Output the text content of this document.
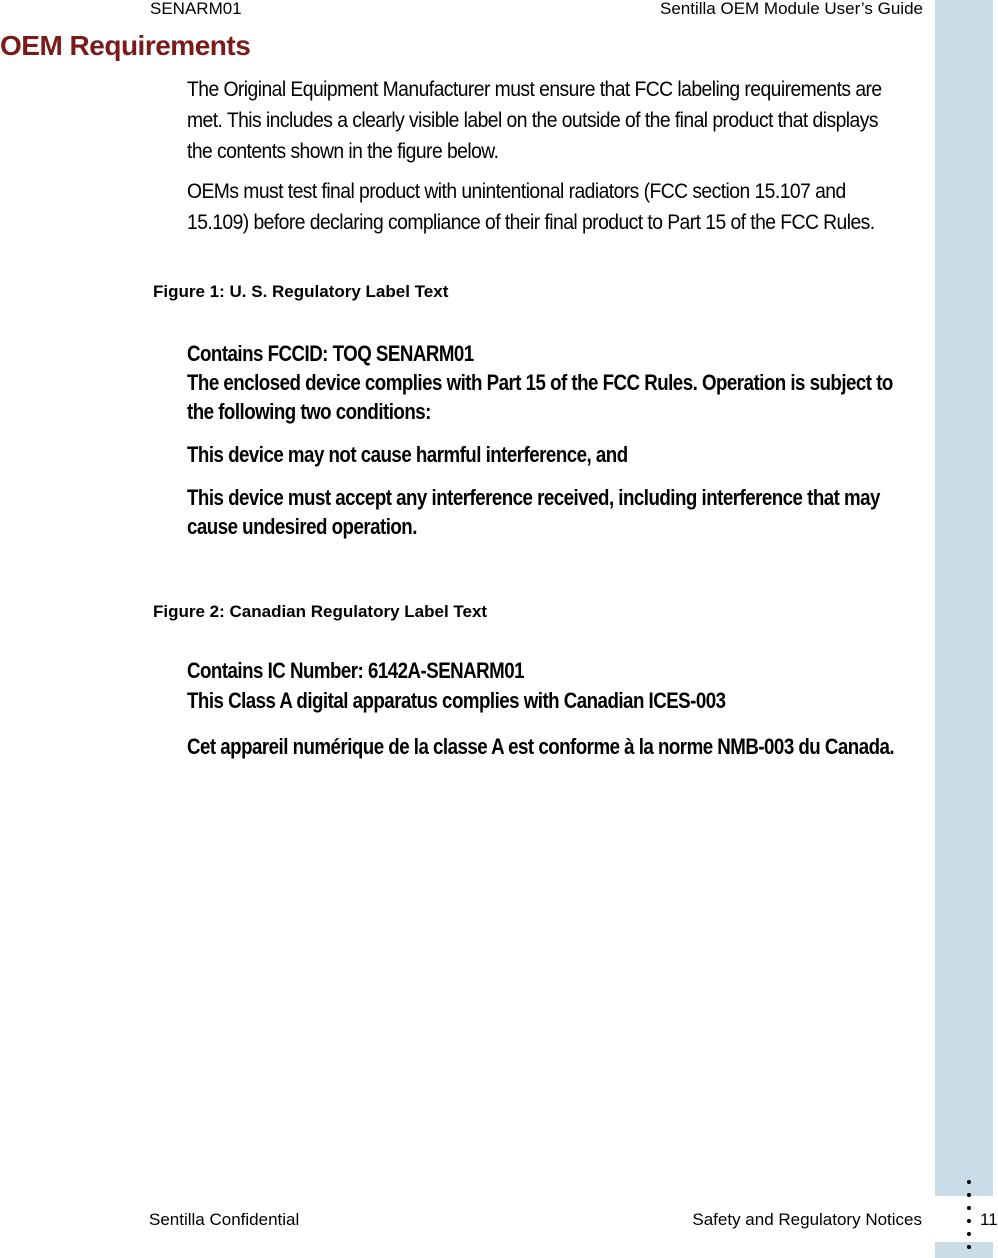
SENARM01	Sentilla OEM Module User’s Guide
OEM Requirements

The Original Equipment Manufacturer must ensure that FCC labeling requirements are met. This includes a clearly visible label on the outside of the final product that displays the contents shown in the figure below.

OEMs must test final product with unintentional radiators (FCC section 15.107 and 15.109) before declaring compliance of their final product to Part 15 of the FCC Rules.

Figure 1: U. S. Regulatory Label Text

Contains FCCID: TOQ SENARM01

The enclosed device complies with Part 15 of the FCC Rules. Operation is subject to the following two conditions:

This device may not cause harmful interference, and

This device must accept any interference received, including interference that may cause undesired operation.

Figure 2: Canadian Regulatory Label Text

Contains IC Number: 6142A-SENARM01

This Class A digital apparatus complies with Canadian ICES-003

Cet appareil numérique de la classe A est conforme à la norme NMB-003 du Canada.

Sentilla Confidential	Safety and Regulatory Notices	11
